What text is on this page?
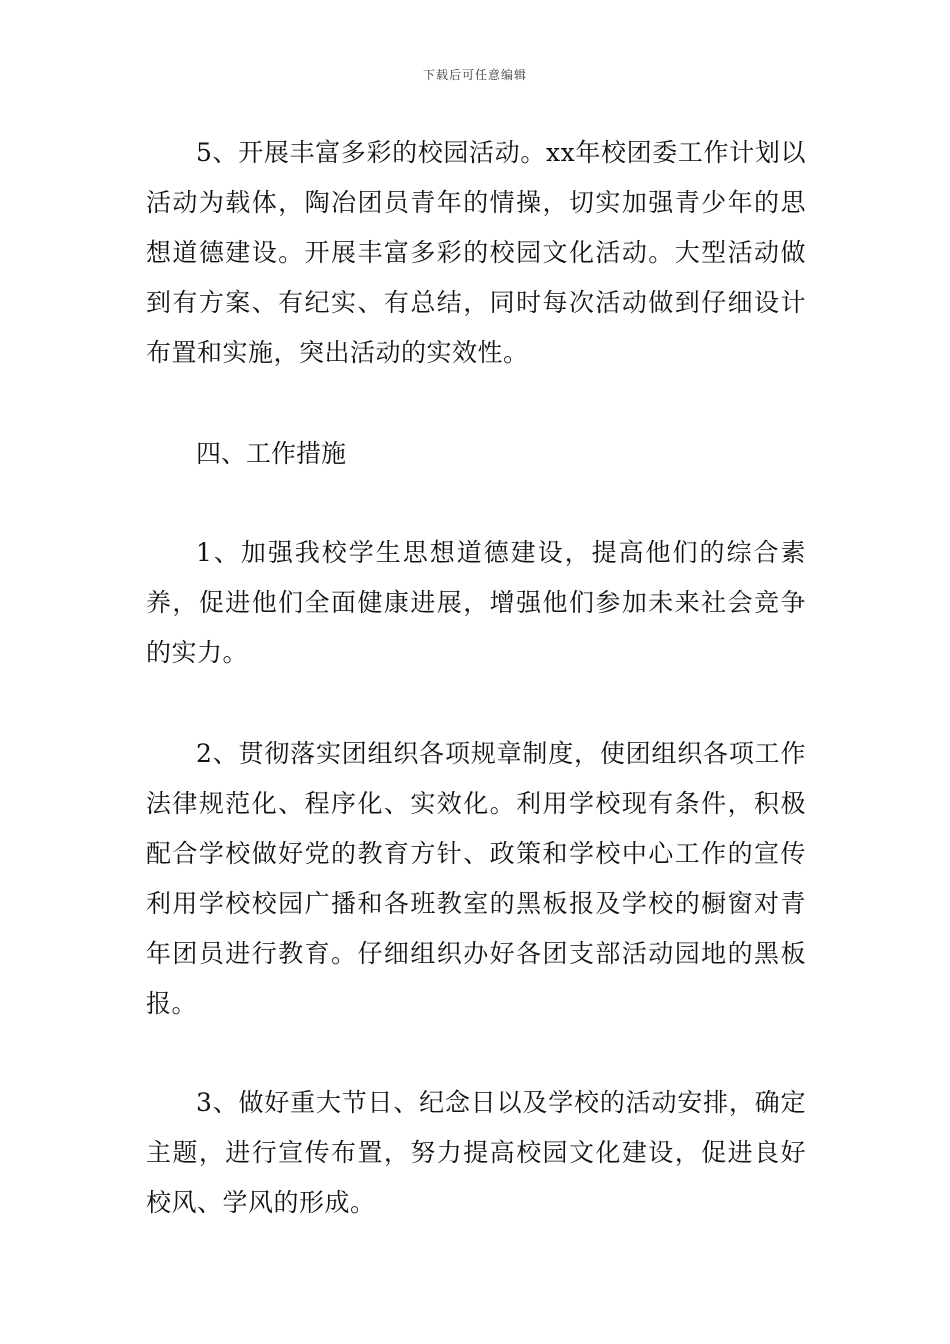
下载后可任意编辑

5、开展丰富多彩的校园活动。xx年校团委工作计划以活动为载体，陶冶团员青年的情操，切实加强青少年的思想道德建设。开展丰富多彩的校园文化活动。大型活动做到有方案、有纪实、有总结，同时每次活动做到仔细设计布置和实施，突出活动的实效性。

四、工作措施

1、加强我校学生思想道德建设，提高他们的综合素养，促进他们全面健康进展，增强他们参加未来社会竞争的实力。

2、贯彻落实团组织各项规章制度，使团组织各项工作法律规范化、程序化、实效化。利用学校现有条件，积极配合学校做好党的教育方针、政策和学校中心工作的宣传利用学校校园广播和各班教室的黑板报及学校的橱窗对青年团员进行教育。仔细组织办好各团支部活动园地的黑板报。

3、做好重大节日、纪念日以及学校的活动安排，确定主题，进行宣传布置，努力提高校园文化建设，促进良好校风、学风的形成。
